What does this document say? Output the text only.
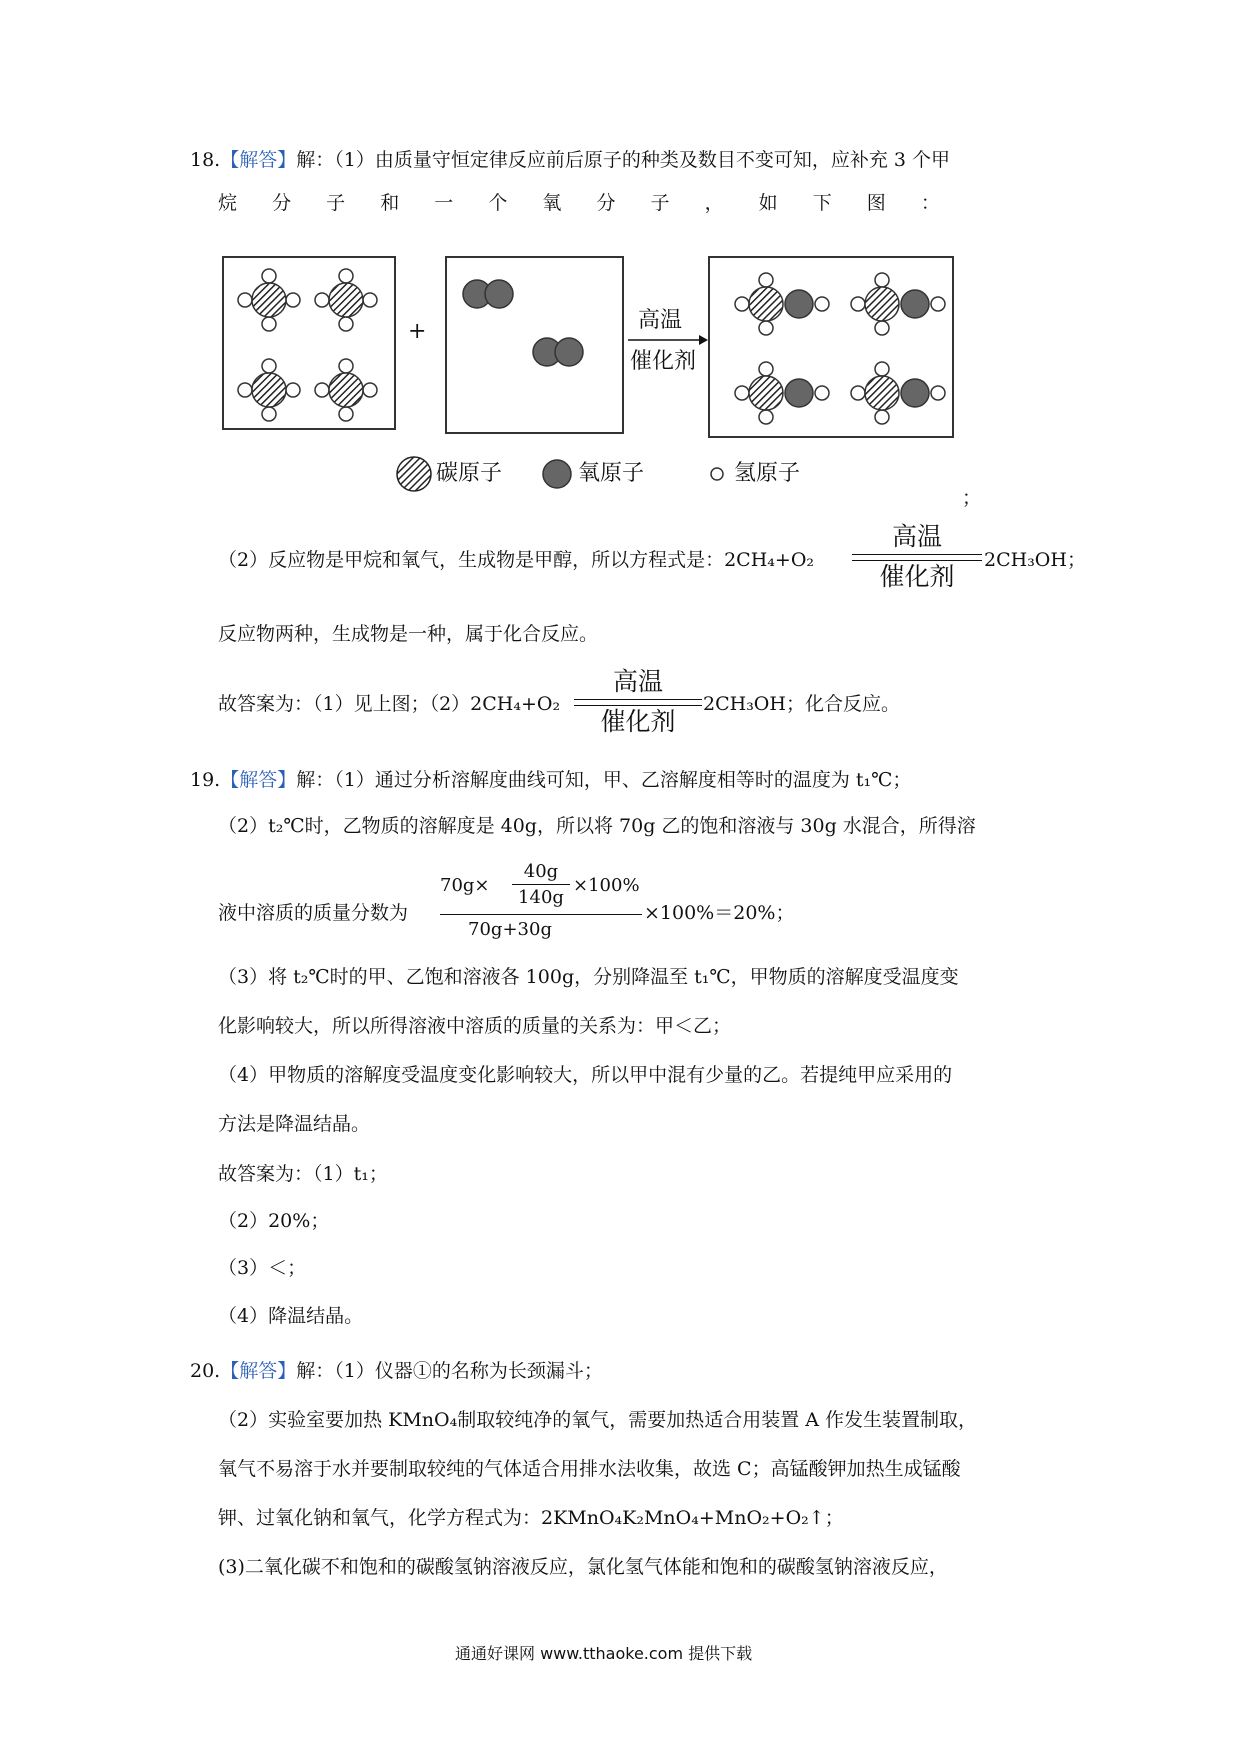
18.【解答】解：（1）由质量守恒定律反应前后原子的种类及数目不变可知，应补充 3 个甲
烷 分 子 和 一 个 氧 分 子 ， 如 下 图 ：
+	高温
催化剂
碳原子	氧原子	氢原子
；
（2）反应物是甲烷和氧气，生成物是甲醇，所以方程式是：2CH₄+O₂
高温
催化剂
2CH₃OH；
反应物两种，生成物是一种，属于化合反应。
故答案为：（1）见上图；（2）2CH₄+O₂
高温
催化剂
2CH₃OH；化合反应。
19.【解答】解：（1）通过分析溶解度曲线可知，甲、乙溶解度相等时的温度为 t₁℃；
（2）t₂℃时，乙物质的溶解度是 40g，所以将 70g 乙的饱和溶液与 30g 水混合，所得溶
液中溶质的质量分数为
70g×
40g
140g
×100%
70g+30g
×100%＝20%；
（3）将 t₂℃时的甲、乙饱和溶液各 100g，分别降温至 t₁℃，甲物质的溶解度受温度变
化影响较大，所以所得溶液中溶质的质量的关系为：甲＜乙；
（4）甲物质的溶解度受温度变化影响较大，所以甲中混有少量的乙。若提纯甲应采用的
方法是降温结晶。
故答案为：（1）t₁；
（2）20%；
（3）＜；
（4）降温结晶。
20.【解答】解：（1）仪器①的名称为长颈漏斗；
（2）实验室要加热 KMnO₄制取较纯净的氧气，需要加热适合用装置 A 作发生装置制取，
氧气不易溶于水并要制取较纯的气体适合用排水法收集，故选 C；高锰酸钾加热生成锰酸
钾、过氧化钠和氧气，化学方程式为：2KMnO₄K₂MnO₄+MnO₂+O₂↑；
(3)二氧化碳不和饱和的碳酸氢钠溶液反应，氯化氢气体能和饱和的碳酸氢钠溶液反应，
通通好课网 www.tthaoke.com 提供下载
